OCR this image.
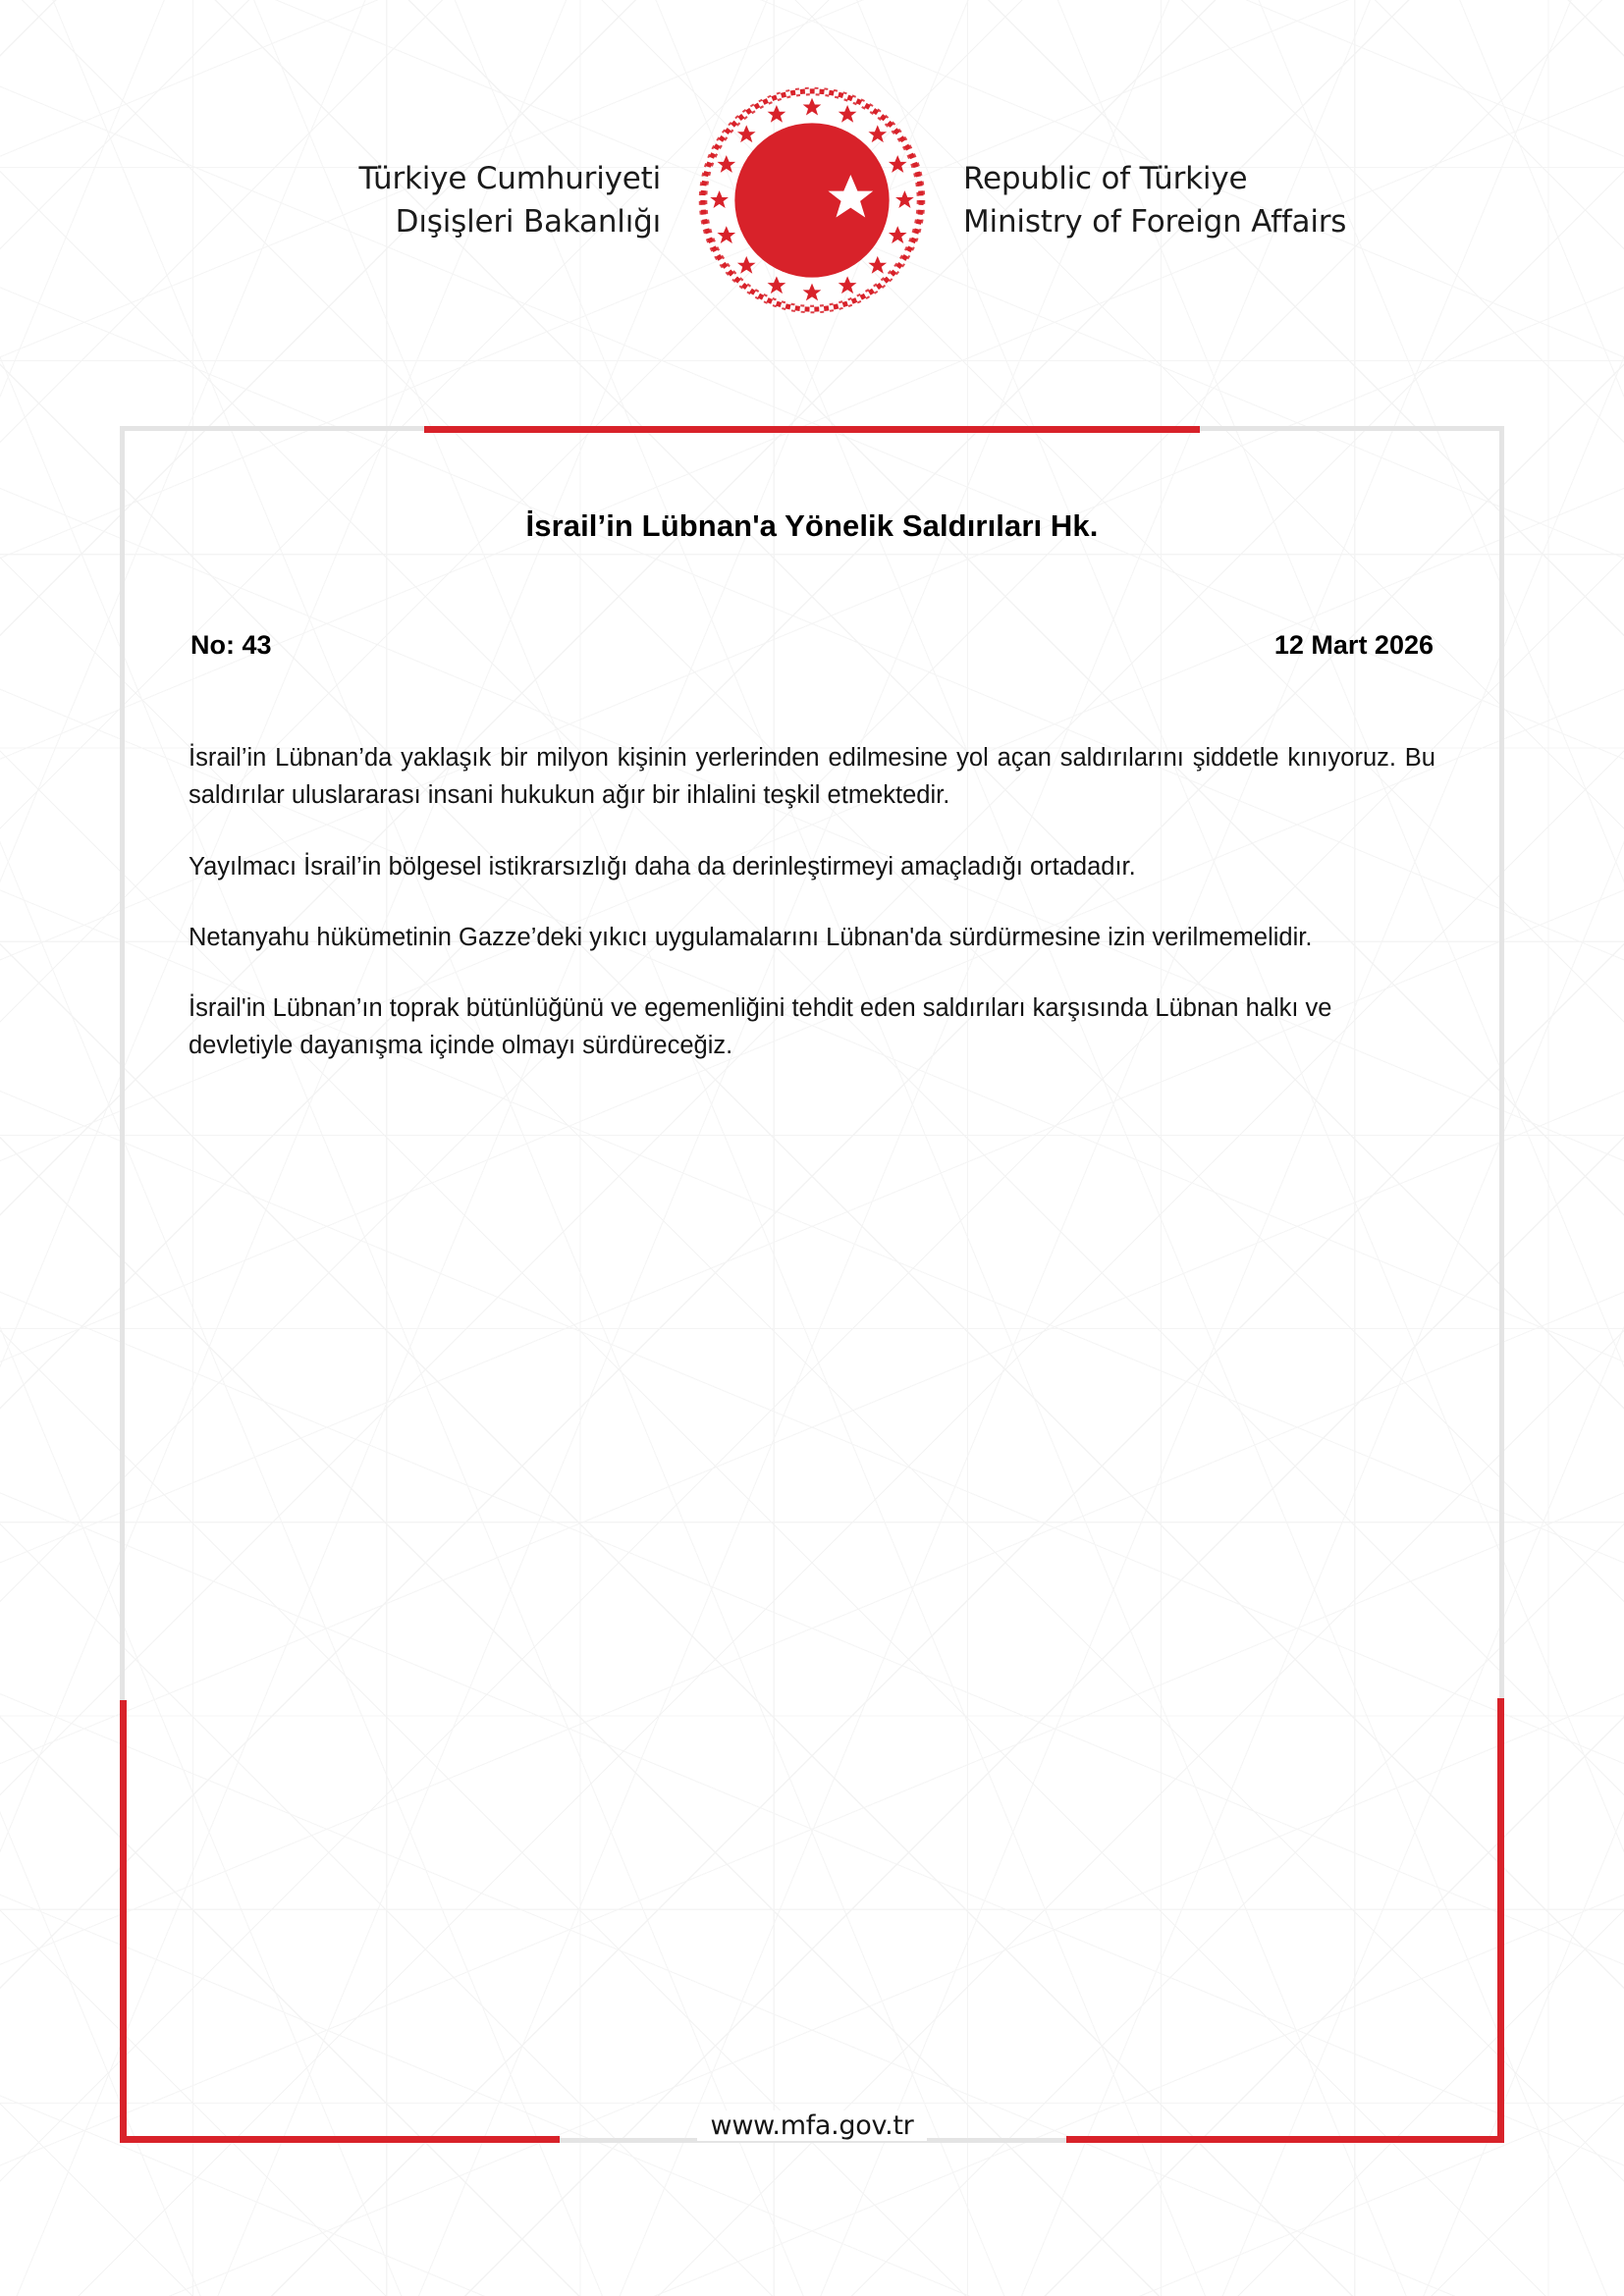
Türkiye Cumhuriyeti
Dışişleri Bakanlığı
Republic of Türkiye
Ministry of Foreign Affairs
İsrail’in Lübnan'a Yönelik Saldırıları Hk.
No: 43	12 Mart 2026

İsrail’in Lübnan’da yaklaşık bir milyon kişinin yerlerinden edilmesine yol açan saldırılarını şiddetle kınıyoruz. Bu saldırılar uluslararası insani hukukun ağır bir ihlalini teşkil etmektedir.

Yayılmacı İsrail’in bölgesel istikrarsızlığı daha da derinleştirmeyi amaçladığı ortadadır.

Netanyahu hükümetinin Gazze’deki yıkıcı uygulamalarını Lübnan'da sürdürmesine izin verilmemelidir.

İsrail'in Lübnan’ın toprak bütünlüğünü ve egemenliğini tehdit eden saldırıları karşısında Lübnan halkı ve devletiyle dayanışma içinde olmayı sürdüreceğiz.

www.mfa.gov.tr
